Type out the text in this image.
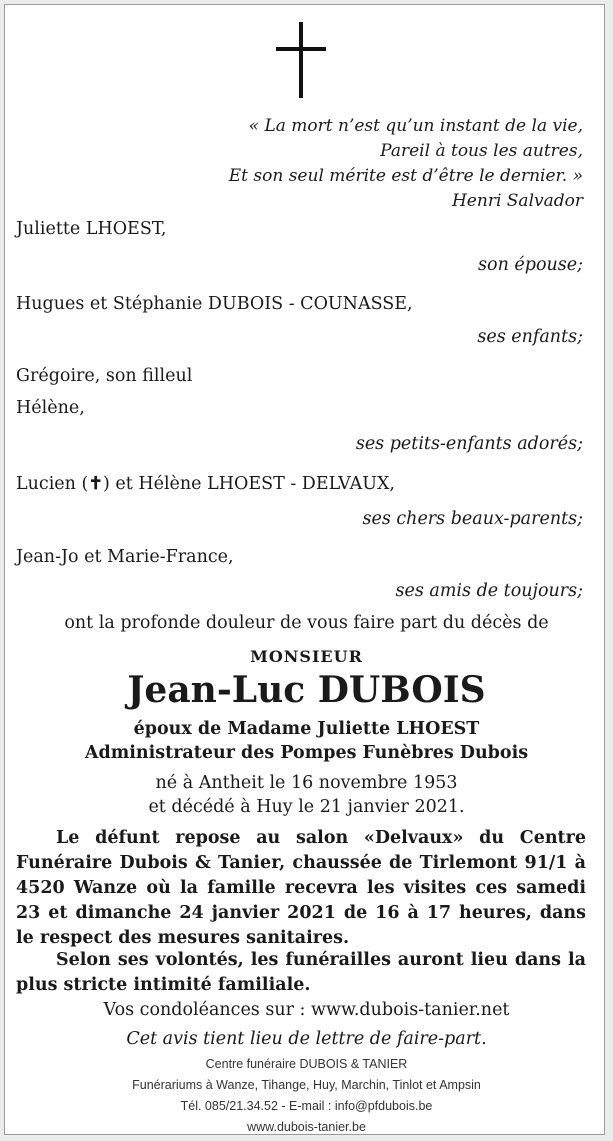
« La mort n’est qu’un instant de la vie,
Pareil à tous les autres,
Et son seul mérite est d’être le dernier. »
Henri Salvador
Juliette LHOEST,
son épouse;
Hugues et Stéphanie DUBOIS - COUNASSE,
ses enfants;
Grégoire, son filleul
Hélène,
ses petits-enfants adorés;
Lucien (✝) et Hélène LHOEST - DELVAUX,
ses chers beaux-parents;
Jean-Jo et Marie-France,
ses amis de toujours;
ont la profonde douleur de vous faire part du décès de
MONSIEUR
Jean-Luc DUBOIS
époux de Madame Juliette LHOEST
Administrateur des Pompes Funèbres Dubois
né à Antheit le 16 novembre 1953
et décédé à Huy le 21 janvier 2021.
Le défunt repose au salon «Delvaux» du Centre Funéraire Dubois & Tanier, chaussée de Tirlemont 91/1 à 4520 Wanze où la famille recevra les visites ces samedi 23 et dimanche 24 janvier 2021 de 16 à 17 heures, dans le respect des mesures sanitaires.
Selon ses volontés, les funérailles auront lieu dans la plus stricte intimité familiale.
Vos condoléances sur : www.dubois-tanier.net
Cet avis tient lieu de lettre de faire-part.
Centre funéraire DUBOIS & TANIER
Funérariums à Wanze, Tihange, Huy, Marchin, Tinlot et Ampsin
Tél. 085/21.34.52 - E-mail : info@pfdubois.be
www.dubois-tanier.be
